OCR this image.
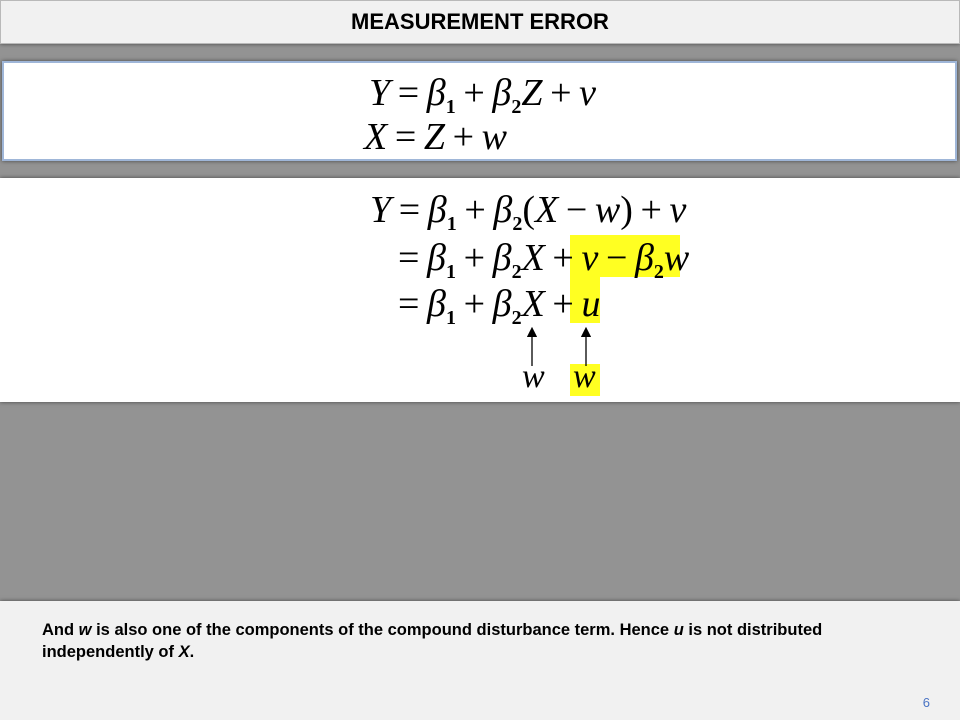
MEASUREMENT ERROR
$Y = \beta_1 + \beta_2Z + v$
X  =  Z  +  w
$Y = \beta_1 + \beta_2(X - w) + v$
=  $\beta_1 + \beta_2X + v - \beta_2w$
=  $\beta_1 + \beta_2X + u$
w w
And w is also one of the components of the compound disturbance term. Hence u is not distributed independently of X.
6
